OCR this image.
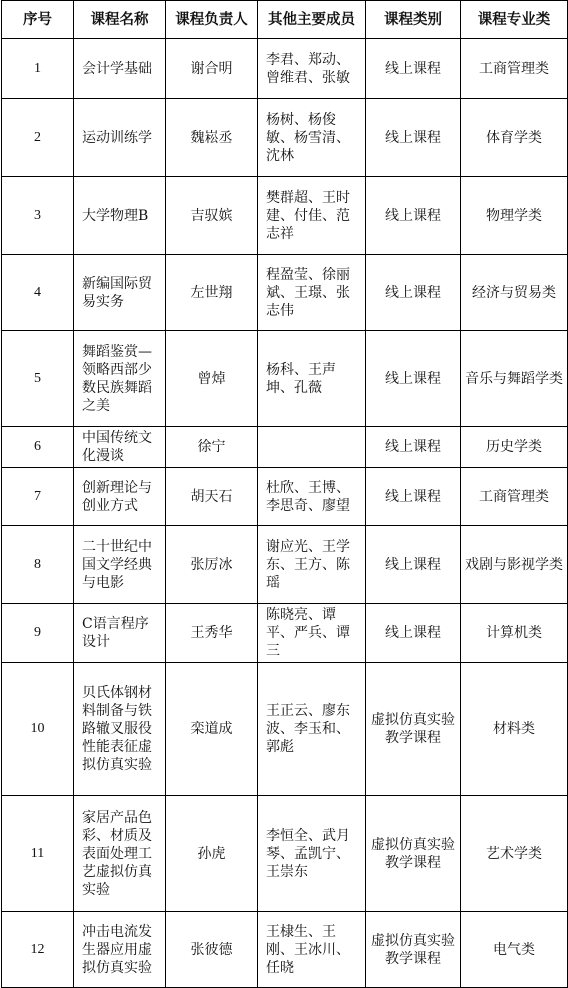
序号	课程名称	课程负责人	其他主要成员	课程类别	课程专业类
1	会计学基础	谢合明	李君、郑动、曾维君、张敏	线上课程	工商管理类
2	运动训练学	魏崧丞	杨树、杨俊敏、杨雪清、沈林	线上课程	体育学类
3	大学物理B	吉驭嫔	樊群超、王时建、付佳、范志祥	线上课程	物理学类
4	新编国际贸易实务	左世翔	程盈莹、徐丽斌、王璟、张志伟	线上课程	经济与贸易类
5	舞蹈鉴赏—领略西部少数民族舞蹈之美	曾焯	杨科、王声坤、孔薇	线上课程	音乐与舞蹈学类
6	中国传统文化漫谈	徐宁		线上课程	历史学类
7	创新理论与创业方式	胡天石	杜欣、王博、李思奇、廖望	线上课程	工商管理类
8	二十世纪中国文学经典与电影	张厉冰	谢应光、王学东、王方、陈瑶	线上课程	戏剧与影视学类
9	C语言程序设计	王秀华	陈晓亮、谭平、严兵、谭三	线上课程	计算机类
10	贝氏体钢材料制备与铁路辙叉服役性能表征虚拟仿真实验	栾道成	王正云、廖东波、李玉和、郭彪	虚拟仿真实验教学课程	材料类
11	家居产品色彩、材质及表面处理工艺虚拟仿真实验	孙虎	李恒全、武月琴、孟凯宁、王崇东	虚拟仿真实验教学课程	艺术学类
12	冲击电流发生器应用虚拟仿真实验	张彼德	王棣生、王刚、王冰川、任晓	虚拟仿真实验教学课程	电气类
